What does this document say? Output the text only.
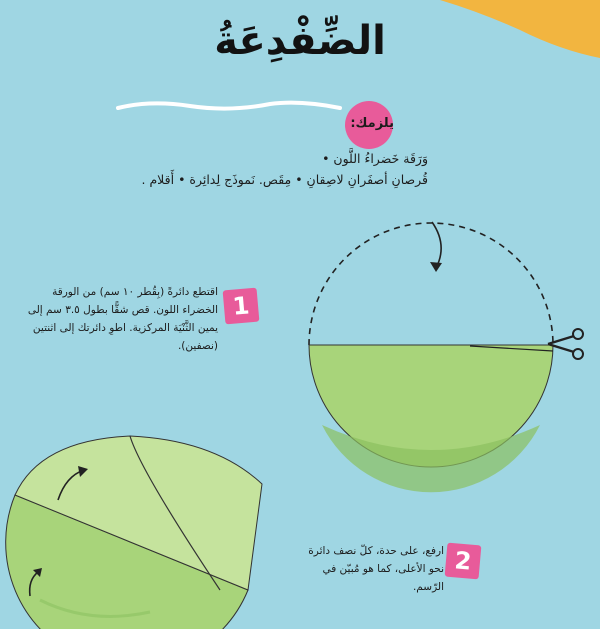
الضِّفْدِعَةُ
يلزمك:
وَرَقَة خَضراءُ اللَّون •
قُرصانِ أصفَرانِ لاصِقانِ • مِقَص. نَموذَج لِدائِرة • أَقلام .
1
اقتطع دائرةً (بِقُطر ١٠ سم) من الورقة الخضراء اللون. قص شقًّا بطول ٣.٥ سم إلى يمين الثَّنْيَة المركزية. اطوِ دائرتك إلى اثنتين (نصفين).
2
ارفع، على حدة، كلّ نصف دائرة نحو الأعلى، كما هو مُبيّن في الرّسم.
